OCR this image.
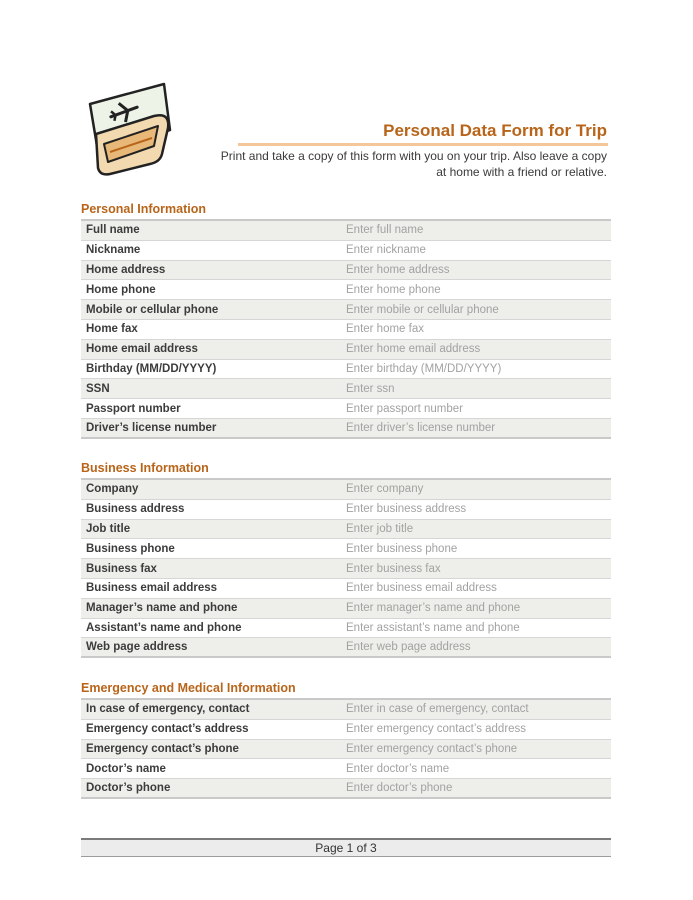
Personal Data Form for Trip
Print and take a copy of this form with you on your trip. Also leave a copy at home with a friend or relative.
Personal Information
Full name	Enter full name
Nickname	Enter nickname
Home address	Enter home address
Home phone	Enter home phone
Mobile or cellular phone	Enter mobile or cellular phone
Home fax	Enter home fax
Home email address	Enter home email address
Birthday (MM/DD/YYYY)	Enter birthday (MM/DD/YYYY)
SSN	Enter ssn
Passport number	Enter passport number
Driver’s license number	Enter driver’s license number
Business Information
Company	Enter company
Business address	Enter business address
Job title	Enter job title
Business phone	Enter business phone
Business fax	Enter business fax
Business email address	Enter business email address
Manager’s name and phone	Enter manager’s name and phone
Assistant’s name and phone	Enter assistant’s name and phone
Web page address	Enter web page address
Emergency and Medical Information
In case of emergency, contact	Enter in case of emergency, contact
Emergency contact’s address	Enter emergency contact’s address
Emergency contact’s phone	Enter emergency contact’s phone
Doctor’s name	Enter doctor’s name
Doctor’s phone	Enter doctor’s phone
Page 1 of 3
